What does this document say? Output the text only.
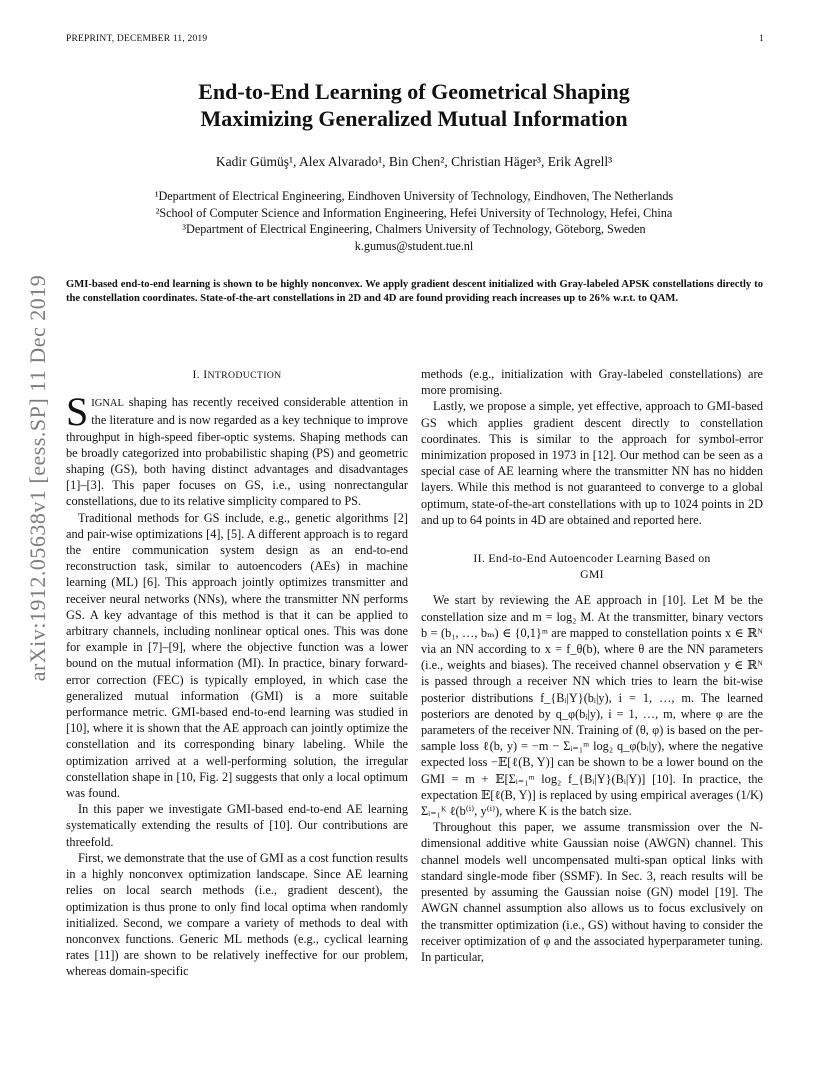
PREPRINT, DECEMBER 11, 2019	1
End-to-End Learning of Geometrical Shaping
Maximizing Generalized Mutual Information
Kadir Gümüş¹, Alex Alvarado¹, Bin Chen², Christian Häger³, Erik Agrell³
¹Department of Electrical Engineering, Eindhoven University of Technology, Eindhoven, The Netherlands
²School of Computer Science and Information Engineering, Hefei University of Technology, Hefei, China
³Department of Electrical Engineering, Chalmers University of Technology, Göteborg, Sweden
k.gumus@student.tue.nl
GMI-based end-to-end learning is shown to be highly nonconvex. We apply gradient descent initialized with Gray-labeled APSK constellations directly to the constellation coordinates. State-of-the-art constellations in 2D and 4D are found providing reach increases up to 26% w.r.t. to QAM.
arXiv:1912.05638v1 [eess.SP] 11 Dec 2019	I. INTRODUCTION

SIGNAL shaping has recently received considerable attention in the literature and is now regarded as a key technique to improve throughput in high-speed fiber-optic systems. Shaping methods can be broadly categorized into probabilistic shaping (PS) and geometric shaping (GS), both having distinct advantages and disadvantages [1]–[3]. This paper focuses on GS, i.e., using nonrectangular constellations, due to its relative simplicity compared to PS.

Traditional methods for GS include, e.g., genetic algorithms [2] and pair-wise optimizations [4], [5]. A different approach is to regard the entire communication system design as an end-to-end reconstruction task, similar to autoencoders (AEs) in machine learning (ML) [6]. This approach jointly optimizes transmitter and receiver neural networks (NNs), where the transmitter NN performs GS. A key advantage of this method is that it can be applied to arbitrary channels, including nonlinear optical ones. This was done for example in [7]–[9], where the objective function was a lower bound on the mutual information (MI). In practice, binary forward-error correction (FEC) is typically employed, in which case the generalized mutual information (GMI) is a more suitable performance metric. GMI-based end-to-end learning was studied in [10], where it is shown that the AE approach can jointly optimize the constellation and its corresponding binary labeling. While the optimization arrived at a well-performing solution, the irregular constellation shape in [10, Fig. 2] suggests that only a local optimum was found.

In this paper we investigate GMI-based end-to-end AE learning systematically extending the results of [10]. Our contributions are threefold.

First, we demonstrate that the use of GMI as a cost function results in a highly nonconvex optimization landscape. Since AE learning relies on local search methods (i.e., gradient descent), the optimization is thus prone to only find local optima when randomly initialized. Second, we compare a variety of methods to deal with nonconvex functions. Generic ML methods (e.g., cyclical learning rates [11]) are shown to be relatively ineffective for our problem, whereas domain-specific

methods (e.g., initialization with Gray-labeled constellations) are more promising.

Lastly, we propose a simple, yet effective, approach to GMI-based GS which applies gradient descent directly to constellation coordinates. This is similar to the approach for symbol-error minimization proposed in 1973 in [12]. Our method can be seen as a special case of AE learning where the transmitter NN has no hidden layers. While this method is not guaranteed to converge to a global optimum, state-of-the-art constellations with up to 1024 points in 2D and up to 64 points in 4D are obtained and reported here.

II. End-to-End Autoencoder Learning Based on
GMI

We start by reviewing the AE approach in [10]. Let M be the constellation size and m = log₂ M. At the transmitter, binary vectors b = (b₁, …, bₘ) ∈ {0,1}ᵐ are mapped to constellation points x ∈ ℝᴺ via an NN according to x = f_θ(b), where θ are the NN parameters (i.e., weights and biases). The received channel observation y ∈ ℝᴺ is passed through a receiver NN which tries to learn the bit-wise posterior distributions f_{Bᵢ|Y}(bᵢ|y), i = 1, …, m. The learned posteriors are denoted by q_φ(bᵢ|y), i = 1, …, m, where φ are the parameters of the receiver NN. Training of (θ, φ) is based on the per-sample loss ℓ(b, y) = −m − Σᵢ₌₁ᵐ log₂ q_φ(bᵢ|y), where the negative expected loss −𝔼[ℓ(B, Y)] can be shown to be a lower bound on the GMI = m + 𝔼[Σᵢ₌₁ᵐ log₂ f_{Bᵢ|Y}(Bᵢ|Y)] [10]. In practice, the expectation 𝔼[ℓ(B, Y)] is replaced by using empirical averages (1/K) Σᵢ₌₁ᴷ ℓ(b⁽ⁱ⁾, y⁽ⁱ⁾), where K is the batch size.

Throughout this paper, we assume transmission over the N-dimensional additive white Gaussian noise (AWGN) channel. This channel models well uncompensated multi-span optical links with standard single-mode fiber (SSMF). In Sec. 3, reach results will be presented by assuming the Gaussian noise (GN) model [19]. The AWGN channel assumption also allows us to focus exclusively on the transmitter optimization (i.e., GS) without having to consider the receiver optimization of φ and the associated hyperparameter tuning. In particular,
